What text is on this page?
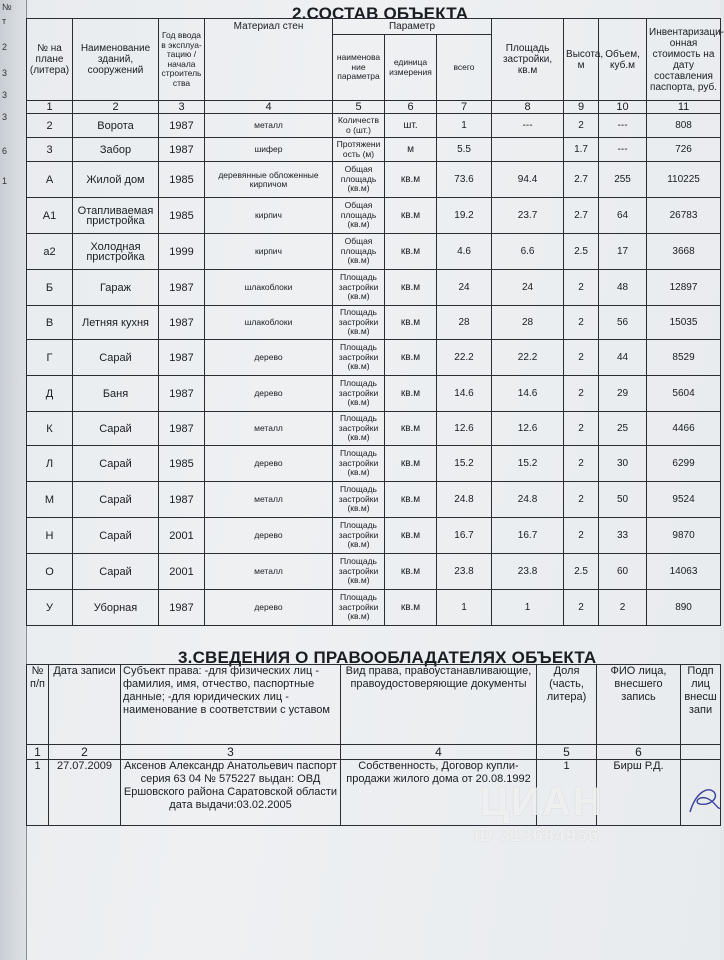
№
т
2
3
3
3
6
1
2.СОСТАВ ОБЪЕКТА
№ на плане (литера)	Наименование зданий, сооружений	Год ввода в эксплуа-тацию / начала строитель ства	Материал стен	Параметр			Площадь застройки, кв.м	Высота, м	Объем, куб.м	Инвентаризаци-онная стоимость на дату составления паспорта, руб.
				наименова ние параметра	единица измерения	всего				
1	2	3	4	5	6	7	8	9	10	11
2	Ворота	1987	металл	Количеств о (шт.)	шт.	1	---	2	---	808
3	Забор	1987	шифер	Протяжени ость (м)	м	5.5		1.7	---	726
А	Жилой дом	1985	деревянные обложенные кирпичом	Общая площадь (кв.м)	кв.м	73.6	94.4	2.7	255	110225
А1	Отапливаемая пристройка	1985	кирпич	Общая площадь (кв.м)	кв.м	19.2	23.7	2.7	64	26783
а2	Холодная пристройка	1999	кирпич	Общая площадь (кв.м)	кв.м	4.6	6.6	2.5	17	3668
Б	Гараж	1987	шлакоблоки	Площадь застройки (кв.м)	кв.м	24	24	2	48	12897
В	Летняя кухня	1987	шлакоблоки	Площадь застройки (кв.м)	кв.м	28	28	2	56	15035
Г	Сарай	1987	дерево	Площадь застройки (кв.м)	кв.м	22.2	22.2	2	44	8529
Д	Баня	1987	дерево	Площадь застройки (кв.м)	кв.м	14.6	14.6	2	29	5604
К	Сарай	1987	металл	Площадь застройки (кв.м)	кв.м	12.6	12.6	2	25	4466
Л	Сарай	1985	дерево	Площадь застройки (кв.м)	кв.м	15.2	15.2	2	30	6299
М	Сарай	1987	металл	Площадь застройки (кв.м)	кв.м	24.8	24.8	2	50	9524
Н	Сарай	2001	дерево	Площадь застройки (кв.м)	кв.м	16.7	16.7	2	33	9870
О	Сарай	2001	металл	Площадь застройки (кв.м)	кв.м	23.8	23.8	2.5	60	14063
У	Уборная	1987	дерево	Площадь застройки (кв.м)	кв.м	1	1	2	2	890
3.СВЕДЕНИЯ О ПРАВООБЛАДАТЕЛЯХ ОБЪЕКТА
№ п/п	Дата записи	Субъект права: -для физических лиц - фамилия, имя, отчество, паспортные данные; -для юридических лиц - наименование в соответствии с уставом	Вид права, правоустанавливающие, правоудостоверяющие документы	Доля (часть, литера)	ФИО лица, внесшего запись	Подп лиц внесш запи
1	2	3	4	5	6	
1	27.07.2009	Аксенов Александр Анатольевич паспорт серия 63 04 № 575227 выдан: ОВД Ершовского района Саратовской области дата выдачи:03.02.2005	Собственность, Договор купли-продажи жилого дома от 20.08.1992	1	Бирш Р.Д.	
ЦИАН
ID 313684956
